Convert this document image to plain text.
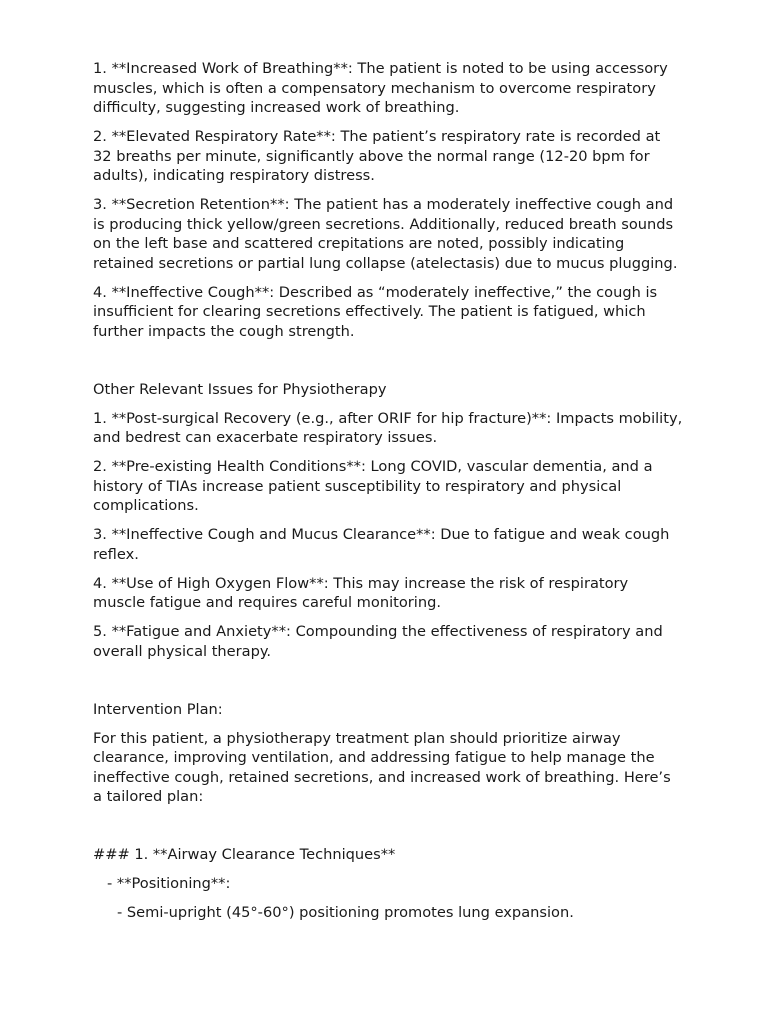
1. **Increased Work of Breathing**: The patient is noted to be using accessory muscles, which is often a compensatory mechanism to overcome respiratory difficulty, suggesting increased work of breathing.

2. **Elevated Respiratory Rate**: The patient’s respiratory rate is recorded at 32 breaths per minute, significantly above the normal range (12-20 bpm for adults), indicating respiratory distress.

3. **Secretion Retention**: The patient has a moderately ineffective cough and is producing thick yellow/green secretions. Additionally, reduced breath sounds on the left base and scattered crepitations are noted, possibly indicating retained secretions or partial lung collapse (atelectasis) due to mucus plugging.

4. **Ineffective Cough**: Described as “moderately ineffective,” the cough is insufficient for clearing secretions effectively. The patient is fatigued, which further impacts the cough strength.

Other Relevant Issues for Physiotherapy

1. **Post-surgical Recovery (e.g., after ORIF for hip fracture)**: Impacts mobility, and bedrest can exacerbate respiratory issues.

2. **Pre-existing Health Conditions**: Long COVID, vascular dementia, and a history of TIAs increase patient susceptibility to respiratory and physical complications.

3. **Ineffective Cough and Mucus Clearance**: Due to fatigue and weak cough reflex.

4. **Use of High Oxygen Flow**: This may increase the risk of respiratory muscle fatigue and requires careful monitoring.

5. **Fatigue and Anxiety**: Compounding the effectiveness of respiratory and overall physical therapy.

Intervention Plan:

For this patient, a physiotherapy treatment plan should prioritize airway clearance, improving ventilation, and addressing fatigue to help manage the ineffective cough, retained secretions, and increased work of breathing. Here’s a tailored plan:

### 1. **Airway Clearance Techniques**

- **Positioning**:

- Semi-upright (45°-60°) positioning promotes lung expansion.
